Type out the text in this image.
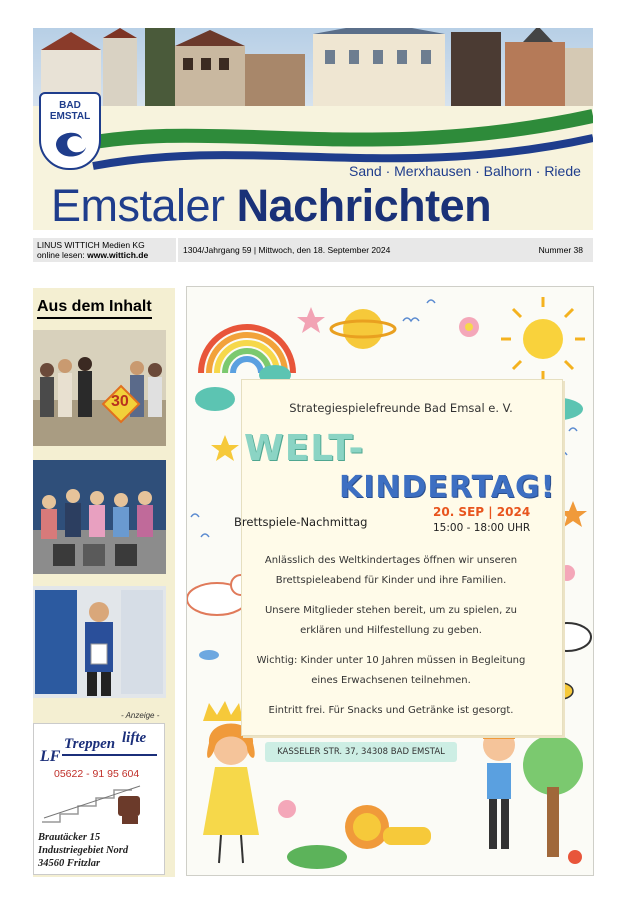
BAD
EMSTAL
Sand · Merxhausen · Balhorn · Riede
Emstaler Nachrichten
LINUS WITTICH Medien KG
online lesen: www.wittich.de	1304/Jahrgang 59 | Mittwoch, den 18. September 2024	Nummer 38
Aus dem Inhalt
30
- Anzeige -
LF
Treppen lifte
05622 - 91 95 604
Brautäcker 15
Industriegebiet Nord
34560 Fritzlar
Strategiespielefreunde Bad Emsal e. V.
WELT-
KINDERTAG!
Brettspiele-Nachmittag
20. SEP | 2024
15:00 - 18:00 UHR
Anlässlich des Weltkindertages öffnen wir unseren
Brettspieleabend für Kinder und ihre Familien.
Unsere Mitglieder stehen bereit, um zu spielen, zu
erklären und Hilfestellung zu geben.
Wichtig: Kinder unter 10 Jahren müssen in Begleitung
eines Erwachsenen teilnehmen.
Eintritt frei. Für Snacks und Getränke ist gesorgt.
KASSELER STR. 37, 34308 BAD EMSTAL
